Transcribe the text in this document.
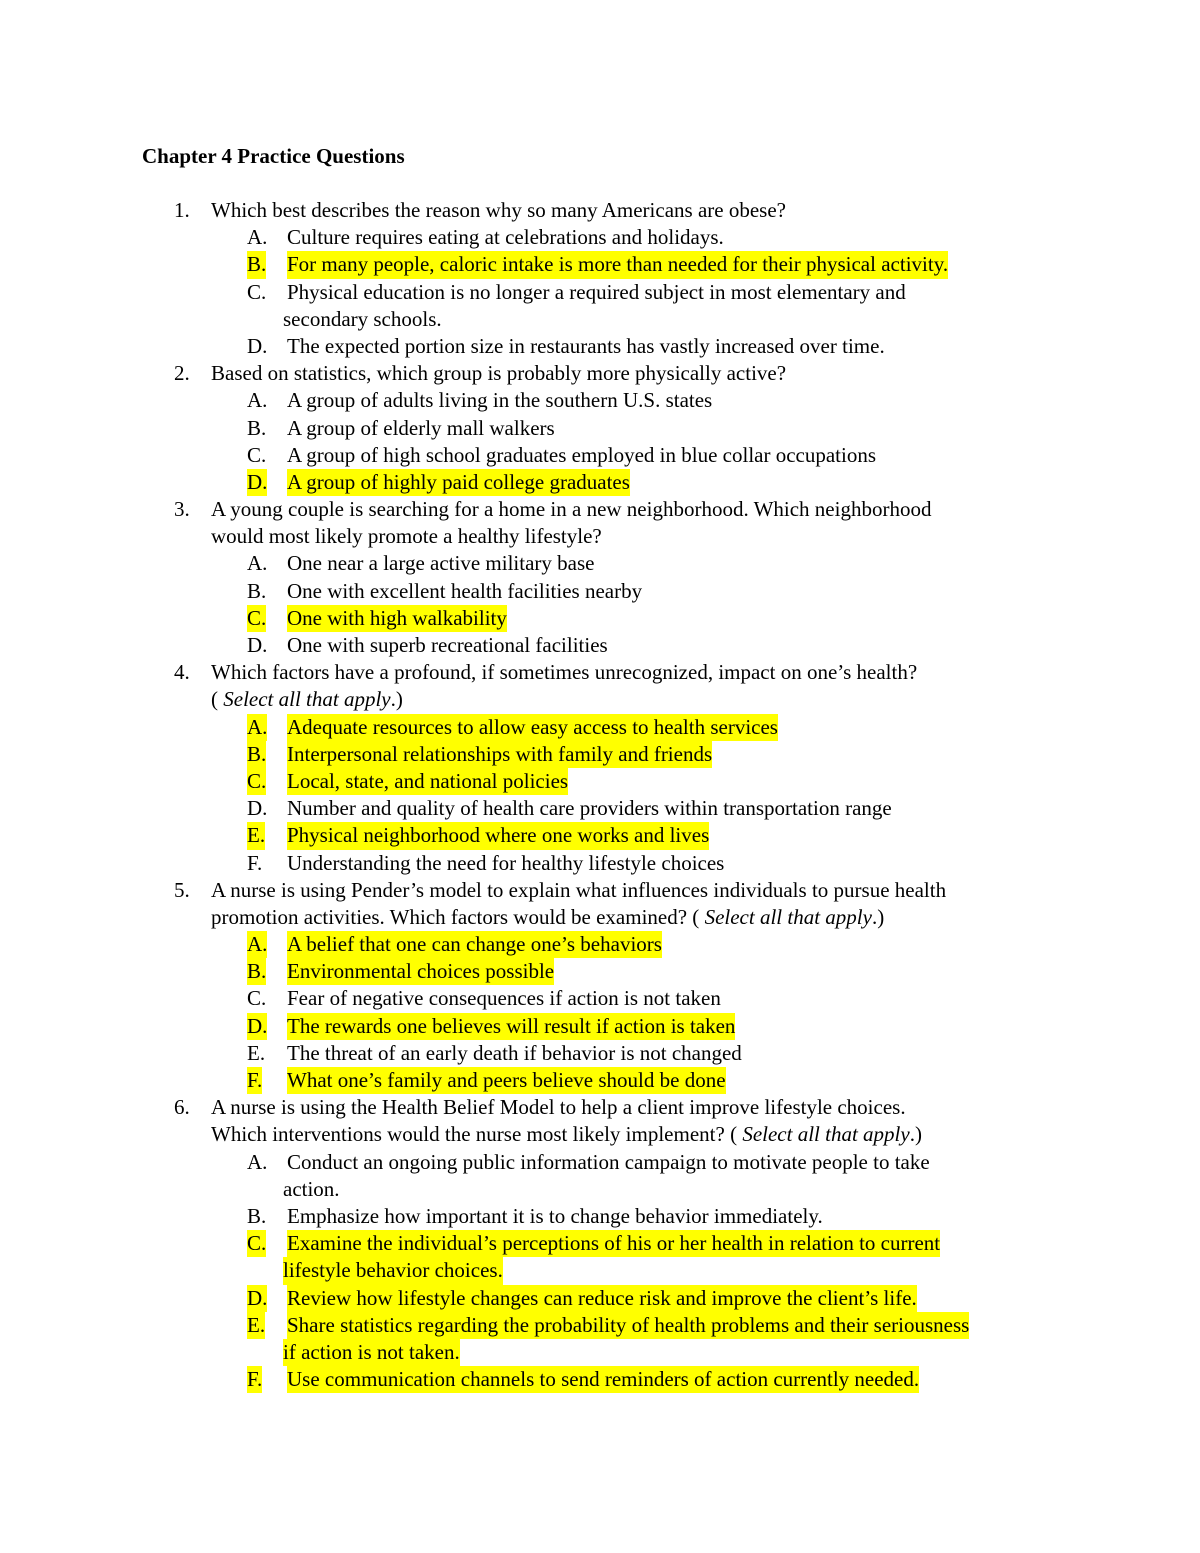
Chapter 4 Practice Questions
1. Which best describes the reason why so many Americans are obese?
A. Culture requires eating at celebrations and holidays.
B. For many people, caloric intake is more than needed for their physical activity.
C. Physical education is no longer a required subject in most elementary and
secondary schools.
D. The expected portion size in restaurants has vastly increased over time.
2. Based on statistics, which group is probably more physically active?
A. A group of adults living in the southern U.S. states
B. A group of elderly mall walkers
C. A group of high school graduates employed in blue collar occupations
D. A group of highly paid college graduates
3. A young couple is searching for a home in a new neighborhood. Which neighborhood
would most likely promote a healthy lifestyle?
A. One near a large active military base
B. One with excellent health facilities nearby
C. One with high walkability
D. One with superb recreational facilities
4. Which factors have a profound, if sometimes unrecognized, impact on one’s health?
( Select all that apply.)
A. Adequate resources to allow easy access to health services
B. Interpersonal relationships with family and friends
C. Local, state, and national policies
D. Number and quality of health care providers within transportation range
E. Physical neighborhood where one works and lives
F. Understanding the need for healthy lifestyle choices
5. A nurse is using Pender’s model to explain what influences individuals to pursue health
promotion activities. Which factors would be examined? ( Select all that apply.)
A. A belief that one can change one’s behaviors
B. Environmental choices possible
C. Fear of negative consequences if action is not taken
D. The rewards one believes will result if action is taken
E. The threat of an early death if behavior is not changed
F. What one’s family and peers believe should be done
6. A nurse is using the Health Belief Model to help a client improve lifestyle choices.
Which interventions would the nurse most likely implement? ( Select all that apply.)
A. Conduct an ongoing public information campaign to motivate people to take
action.
B. Emphasize how important it is to change behavior immediately.
C. Examine the individual’s perceptions of his or her health in relation to current
lifestyle behavior choices.
D. Review how lifestyle changes can reduce risk and improve the client’s life.
E. Share statistics regarding the probability of health problems and their seriousness
if action is not taken.
F. Use communication channels to send reminders of action currently needed.
